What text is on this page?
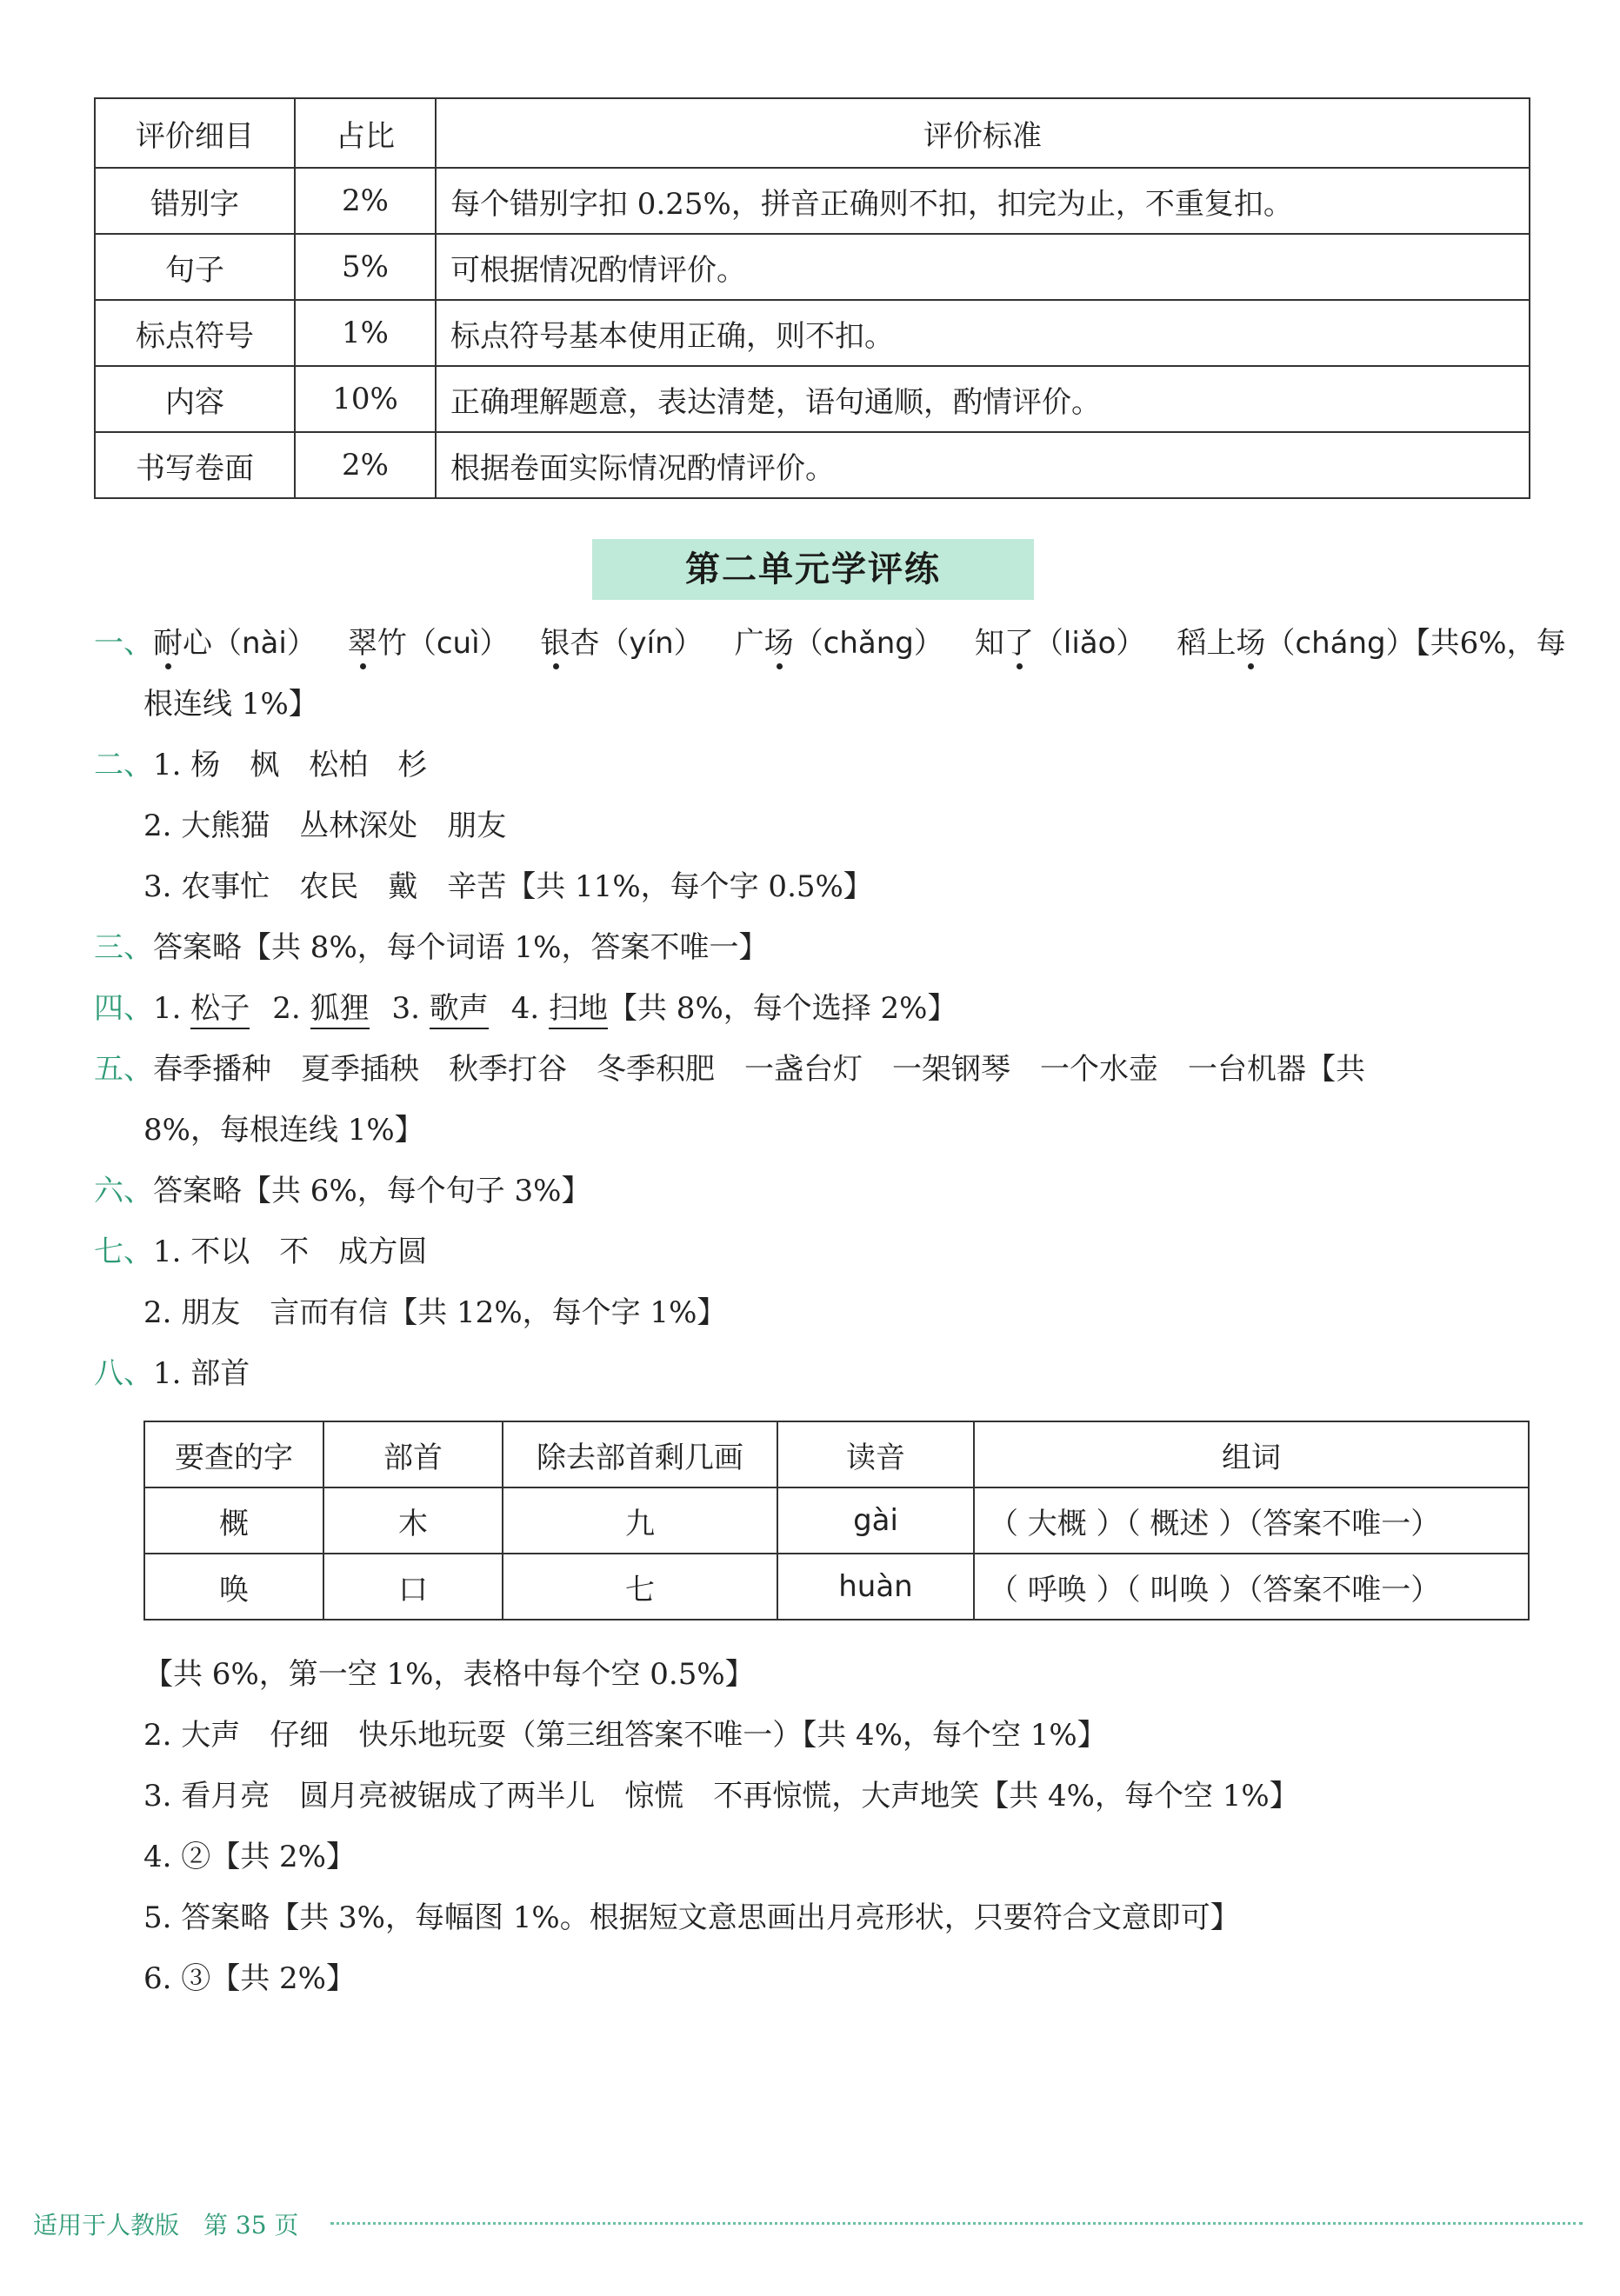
评价细目	占比	评价标准
错别字	2%	每个错别字扣 0.25%，拼音正确则不扣，扣完为止，不重复扣。
句子	5%	可根据情况酌情评价。
标点符号	1%	标点符号基本使用正确，则不扣。
内容	10%	正确理解题意，表达清楚，语句通顺，酌情评价。
书写卷面	2%	根据卷面实际情况酌情评价。
第二单元学评练
一、耐心（nài） 翠竹（cuì） 银杏（yín） 广场（chǎng） 知了（liǎo） 稻上场（cháng）【共6%，每
根连线 1%】
二、1. 杨　枫　松柏　杉
2. 大熊猫　丛林深处　朋友
3. 农事忙　农民　戴　辛苦【共 11%，每个字 0.5%】
三、答案略【共 8%，每个词语 1%，答案不唯一】
四、1. 松子 2. 狐狸 3. 歌声 4. 扫地【共 8%，每个选择 2%】
五、春季播种　夏季插秧　秋季打谷　冬季积肥　一盏台灯　一架钢琴　一个水壶　一台机器【共
8%，每根连线 1%】
六、答案略【共 6%，每个句子 3%】
七、1. 不以　不　成方圆
2. 朋友　言而有信【共 12%，每个字 1%】
八、1. 部首
要查的字	部首	除去部首剩几画	读音	组词
概	木	九	gài	（ 大概 ）（ 概述 ）（答案不唯一）
唤	口	七	huàn	（ 呼唤 ）（ 叫唤 ）（答案不唯一）
【共 6%，第一空 1%，表格中每个空 0.5%】
2. 大声　仔细　快乐地玩耍（第三组答案不唯一）【共 4%，每个空 1%】
3. 看月亮　圆月亮被锯成了两半儿　惊慌　不再惊慌，大声地笑【共 4%，每个空 1%】
4. ②【共 2%】
5. 答案略【共 3%，每幅图 1%。根据短文意思画出月亮形状，只要符合文意即可】
6. ③【共 2%】
适用于人教版　第 35 页
